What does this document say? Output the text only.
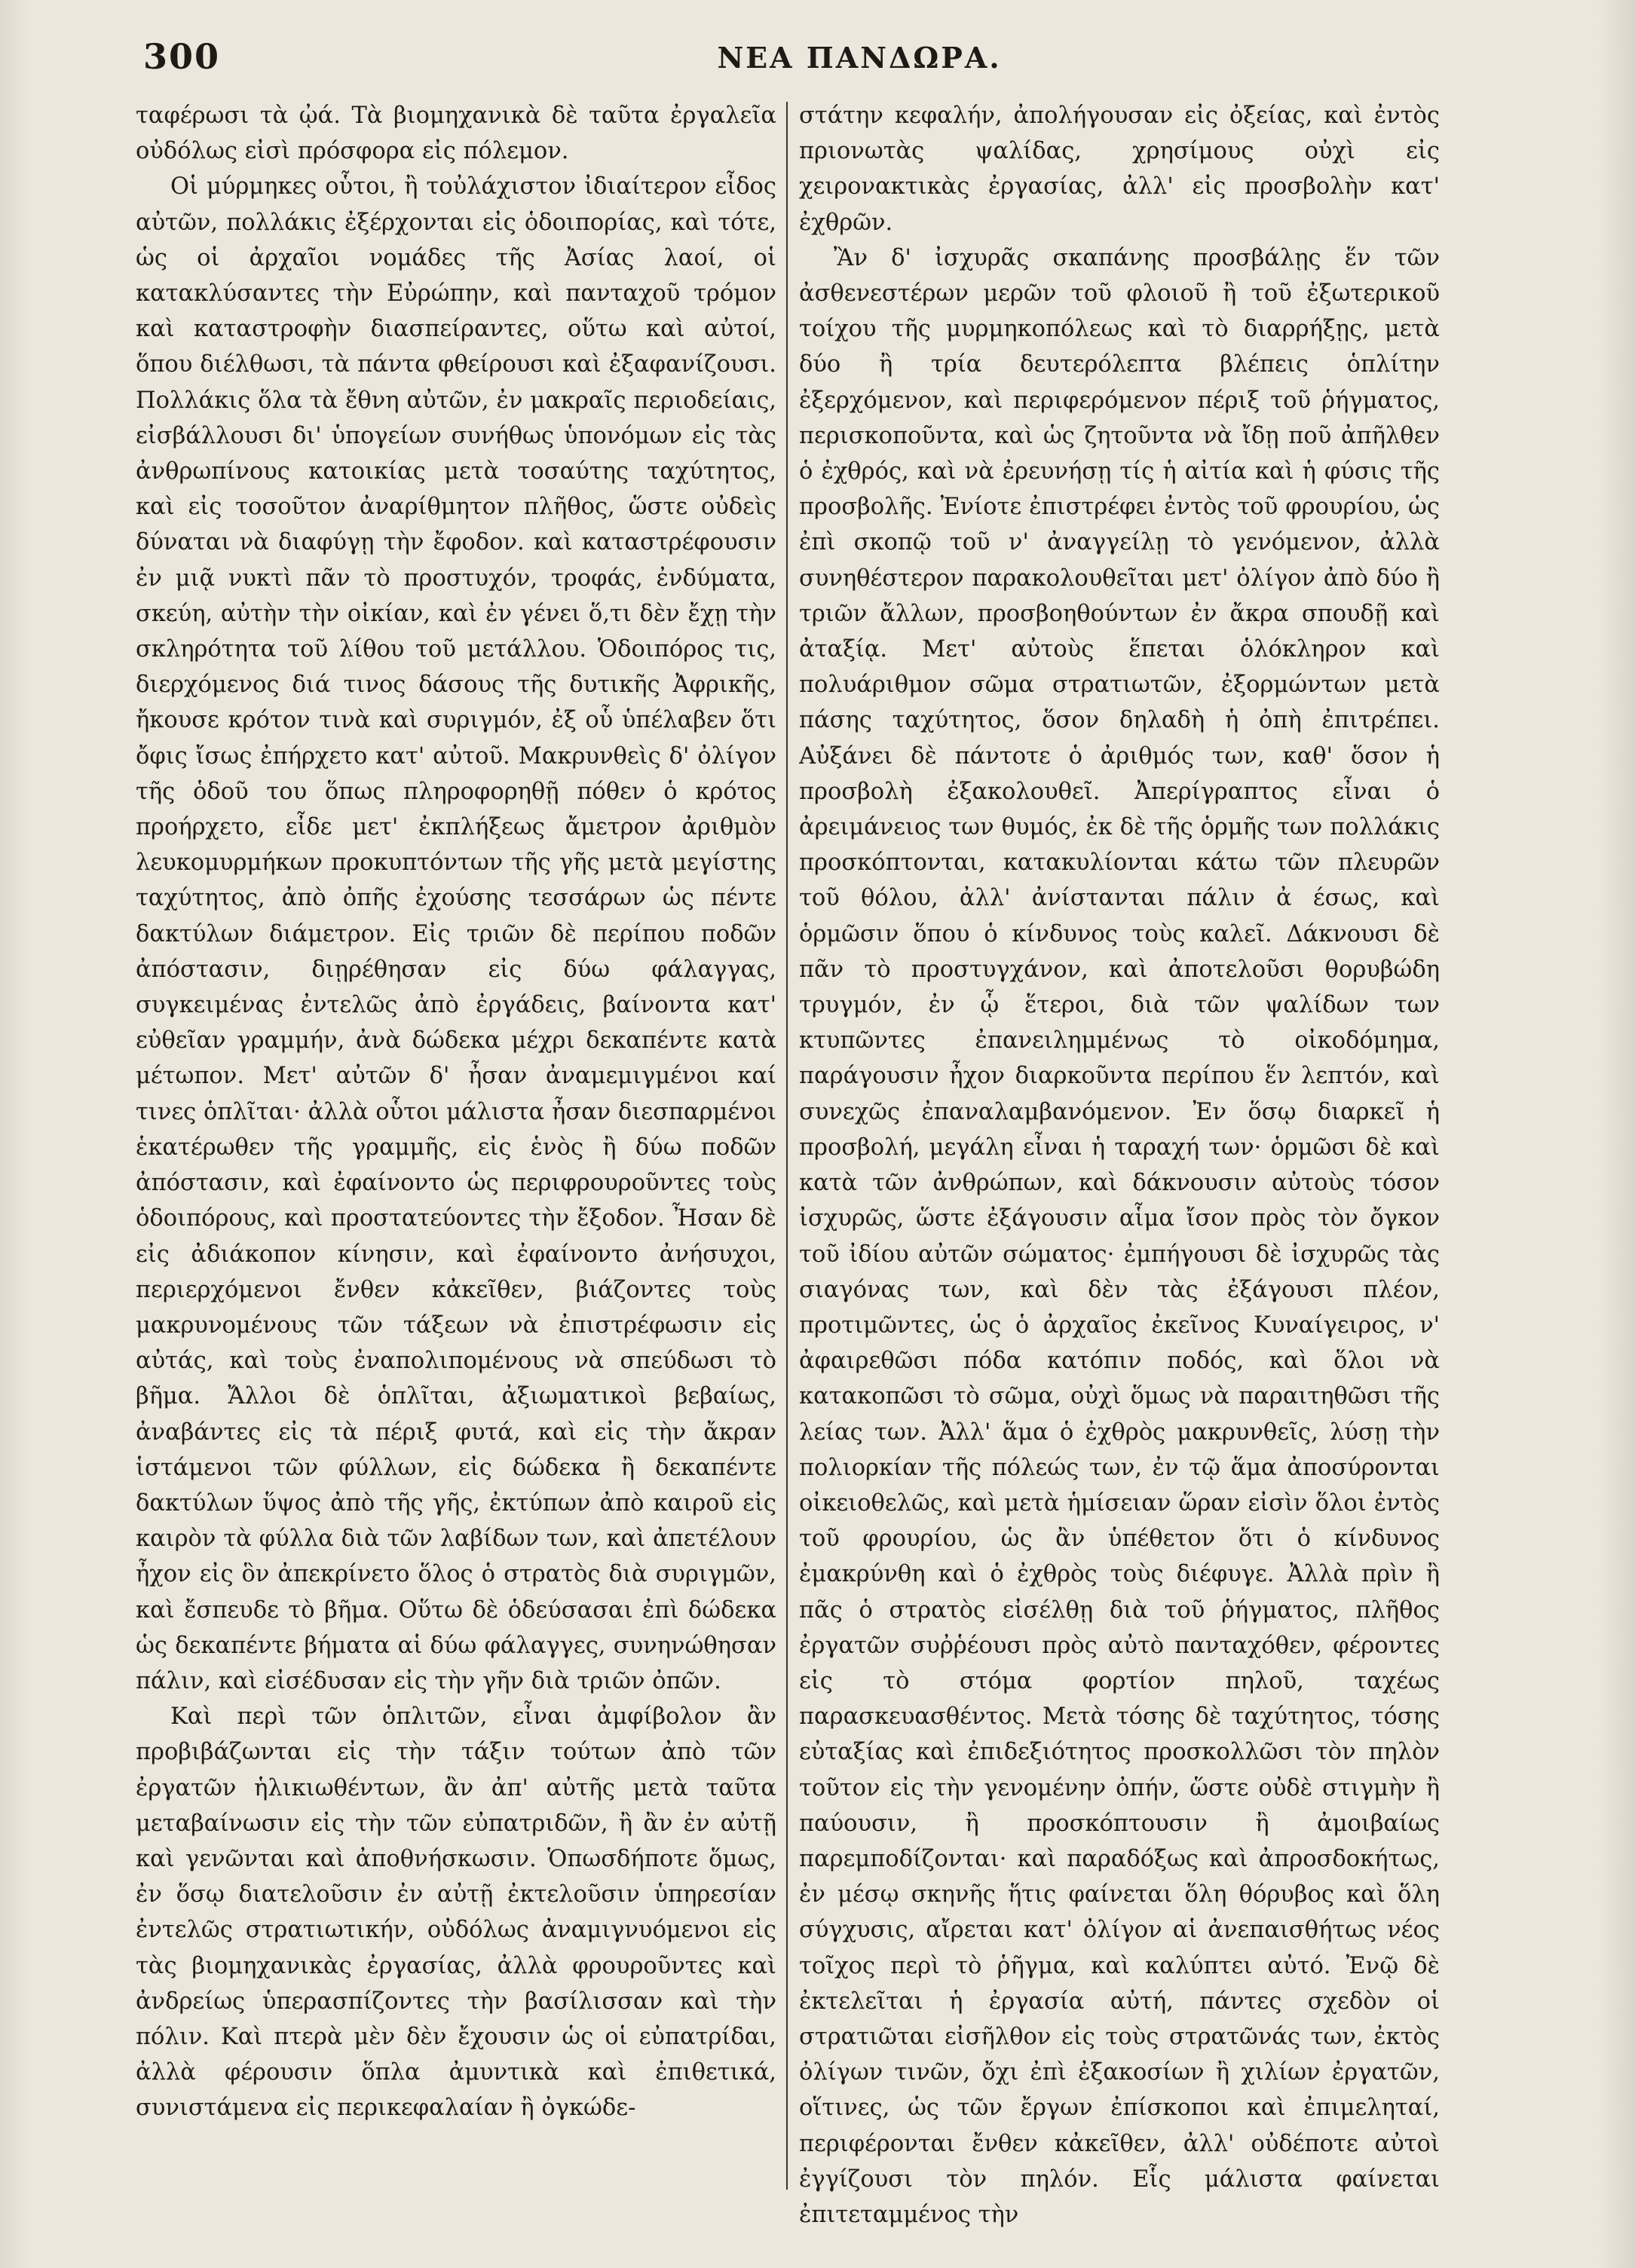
300	ΝΕΑ ΠΑΝΔΩΡΑ.

ταφέρωσι τὰ ᾠά. Τὰ βιομηχανικὰ δὲ ταῦτα ἐργαλεῖα οὐδόλως εἰσὶ πρόσφορα εἰς πόλεμον.

Οἱ μύρμηκες οὗτοι, ἢ τοὐλάχιστον ἰδιαίτερον εἶδος αὐτῶν, πολλάκις ἐξέρχονται εἰς ὁδοιπορίας, καὶ τότε, ὡς οἱ ἀρχαῖοι νομάδες τῆς Ἀσίας λαοί, οἱ κατακλύσαντες τὴν Εὐρώπην, καὶ πανταχοῦ τρόμον καὶ καταστροφὴν διασπείραντες, οὕτω καὶ αὐτοί, ὅπου διέλθωσι, τὰ πάντα φθείρουσι καὶ ἐξαφανίζουσι. Πολλάκις ὅλα τὰ ἔθνη αὐτῶν, ἐν μακραῖς περιοδείαις, εἰσβάλλουσι δι' ὑπογείων συνήθως ὑπονόμων εἰς τὰς ἀνθρωπίνους κατοικίας μετὰ τοσαύτης ταχύτητος, καὶ εἰς τοσοῦτον ἀναρίθμητον πλῆθος, ὥστε οὐδεὶς δύναται νὰ διαφύγῃ τὴν ἔφοδον. καὶ καταστρέφουσιν ἐν μιᾷ νυκτὶ πᾶν τὸ προστυχόν, τροφάς, ἐνδύματα, σκεύη, αὐτὴν τὴν οἰκίαν, καὶ ἐν γένει ὅ,τι δὲν ἔχῃ τὴν σκληρότητα τοῦ λίθου τοῦ μετάλλου. Ὁδοιπόρος τις, διερχόμενος διά τινος δάσους τῆς δυτικῆς Ἀφρικῆς, ἤκουσε κρότον τινὰ καὶ συριγμόν, ἐξ οὗ ὑπέλαβεν ὅτι ὄφις ἴσως ἐπήρχετο κατ' αὐτοῦ. Μακρυνθεὶς δ' ὀλίγον τῆς ὁδοῦ του ὅπως πληροφορηθῇ πόθεν ὁ κρότος προήρχετο, εἶδε μετ' ἐκπλήξεως ἄμετρον ἀριθμὸν λευκομυρμήκων προκυπτόντων τῆς γῆς μετὰ μεγίστης ταχύτητος, ἀπὸ ὀπῆς ἐχούσης τεσσάρων ὡς πέντε δακτύλων διάμετρον. Εἰς τριῶν δὲ περίπου ποδῶν ἀπόστασιν, διῃρέθησαν εἰς δύω φάλαγγας, συγκειμένας ἐντελῶς ἀπὸ ἐργάδεις, βαίνοντα κατ' εὐθεῖαν γραμμήν, ἀνὰ δώδεκα μέχρι δεκαπέντε κατὰ μέτωπον. Μετ' αὐτῶν δ' ἦσαν ἀναμεμιγμένοι καί τινες ὁπλῖται· ἀλλὰ οὗτοι μάλιστα ἦσαν διεσπαρμένοι ἑκατέρωθεν τῆς γραμμῆς, εἰς ἑνὸς ἢ δύω ποδῶν ἀπόστασιν, καὶ ἐφαίνοντο ὡς περιφρουροῦντες τοὺς ὁδοιπόρους, καὶ προστατεύοντες τὴν ἔξοδον. Ἦσαν δὲ εἰς ἀδιάκοπον κίνησιν, καὶ ἐφαίνοντο ἀνήσυχοι, περιερχόμενοι ἔνθεν κἀκεῖθεν, βιάζοντες τοὺς μακρυνομένους τῶν τάξεων νὰ ἐπιστρέφωσιν εἰς αὐτάς, καὶ τοὺς ἐναπολιπομένους νὰ σπεύδωσι τὸ βῆμα. Ἄλλοι δὲ ὁπλῖται, ἀξιωματικοὶ βεβαίως, ἀναβάντες εἰς τὰ πέριξ φυτά, καὶ εἰς τὴν ἄκραν ἱστάμενοι τῶν φύλλων, εἰς δώδεκα ἢ δεκαπέντε δακτύλων ὕψος ἀπὸ τῆς γῆς, ἐκτύπων ἀπὸ καιροῦ εἰς καιρὸν τὰ φύλλα διὰ τῶν λαβίδων των, καὶ ἀπετέλουν ἦχον εἰς ὃν ἀπεκρίνετο ὅλος ὁ στρατὸς διὰ συριγμῶν, καὶ ἔσπευδε τὸ βῆμα. Οὕτω δὲ ὁδεύσασαι ἐπὶ δώδεκα ὡς δεκαπέντε βήματα αἱ δύω φάλαγγες, συνηνώθησαν πάλιν, καὶ εἰσέδυσαν εἰς τὴν γῆν διὰ τριῶν ὀπῶν.

Καὶ περὶ τῶν ὁπλιτῶν, εἶναι ἀμφίβολον ἂν προβιβάζωνται εἰς τὴν τάξιν τούτων ἀπὸ τῶν ἐργατῶν ἡλικιωθέντων, ἂν ἀπ' αὐτῆς μετὰ ταῦτα μεταβαίνωσιν εἰς τὴν τῶν εὐπατριδῶν, ἢ ἂν ἐν αὐτῇ καὶ γενῶνται καὶ ἀποθνήσκωσιν. Ὁπωσδήποτε ὅμως, ἐν ὅσῳ διατελοῦσιν ἐν αὐτῇ ἐκτελοῦσιν ὑπηρεσίαν ἐντελῶς στρατιωτικήν, οὐδόλως ἀναμιγνυόμενοι εἰς τὰς βιομηχανικὰς ἐργασίας, ἀλλὰ φρουροῦντες καὶ ἀνδρείως ὑπερασπίζοντες τὴν βασίλισσαν καὶ τὴν πόλιν. Καὶ πτερὰ μὲν δὲν ἔχουσιν ὡς οἱ εὐπατρίδαι, ἀλλὰ φέρουσιν ὅπλα ἀμυντικὰ καὶ ἐπιθετικά, συνιστάμενα εἰς περικεφαλαίαν ἢ ὀγκώδε-

στάτην κεφαλήν, ἀπολήγουσαν εἰς ὀξείας, καὶ ἐντὸς πριονωτὰς ψαλίδας, χρησίμους οὐχὶ εἰς χειρονακτικὰς ἐργασίας, ἀλλ' εἰς προσβολὴν κατ' ἐχθρῶν.

Ἂν δ' ἰσχυρᾶς σκαπάνης προσβάλῃς ἕν τῶν ἀσθενεστέρων μερῶν τοῦ φλοιοῦ ἢ τοῦ ἐξωτερικοῦ τοίχου τῆς μυρμηκοπόλεως καὶ τὸ διαρρήξῃς, μετὰ δύο ἢ τρία δευτερόλεπτα βλέπεις ὁπλίτην ἐξερχόμενον, καὶ περιφερόμενον πέριξ τοῦ ῥήγματος, περισκοποῦντα, καὶ ὡς ζητοῦντα νὰ ἴδῃ ποῦ ἀπῆλθεν ὁ ἐχθρός, καὶ νὰ ἐρευνήσῃ τίς ἡ αἰτία καὶ ἡ φύσις τῆς προσβολῆς. Ἐνίοτε ἐπιστρέφει ἐντὸς τοῦ φρουρίου, ὡς ἐπὶ σκοπῷ τοῦ ν' ἀναγγείλῃ τὸ γενόμενον, ἀλλὰ συνηθέστερον παρακολουθεῖται μετ' ὀλίγον ἀπὸ δύο ἢ τριῶν ἄλλων, προσβοηθούντων ἐν ἄκρα σπουδῇ καὶ ἀταξίᾳ. Μετ' αὐτοὺς ἕπεται ὁλόκληρον καὶ πολυάριθμον σῶμα στρατιωτῶν, ἐξορμώντων μετὰ πάσης ταχύτητος, ὅσον δηλαδὴ ἡ ὀπὴ ἐπιτρέπει. Αὐξάνει δὲ πάντοτε ὁ ἀριθμός των, καθ' ὅσον ἡ προσβολὴ ἐξακολουθεῖ. Ἀπερίγραπτος εἶναι ὁ ἀρειμάνειος των θυμός, ἐκ δὲ τῆς ὁρμῆς των πολλάκις προσκόπτονται, κατακυλίονται κάτω τῶν πλευρῶν τοῦ θόλου, ἀλλ' ἀνίστανται πάλιν ἀ έσως, καὶ ὁρμῶσιν ὅπου ὁ κίνδυνος τοὺς καλεῖ. Δάκνουσι δὲ πᾶν τὸ προστυγχάνον, καὶ ἀποτελοῦσι θορυβώδη τρυγμόν, ἐν ᾧ ἕτεροι, διὰ τῶν ψαλίδων των κτυπῶντες ἐπανειλημμένως τὸ οἰκοδόμημα, παράγουσιν ἦχον διαρκοῦντα περίπου ἕν λεπτόν, καὶ συνεχῶς ἐπαναλαμβανόμενον. Ἐν ὅσῳ διαρκεῖ ἡ προσβολή, μεγάλη εἶναι ἡ ταραχή των· ὁρμῶσι δὲ καὶ κατὰ τῶν ἀνθρώπων, καὶ δάκνουσιν αὐτοὺς τόσον ἰσχυρῶς, ὥστε ἐξάγουσιν αἷμα ἴσον πρὸς τὸν ὄγκον τοῦ ἰδίου αὐτῶν σώματος· ἐμπήγουσι δὲ ἰσχυρῶς τὰς σιαγόνας των, καὶ δὲν τὰς ἐξάγουσι πλέον, προτιμῶντες, ὡς ὁ ἀρχαῖος ἐκεῖνος Κυναίγειρος, ν' ἀφαιρεθῶσι πόδα κατόπιν ποδός, καὶ ὅλοι νὰ κατακοπῶσι τὸ σῶμα, οὐχὶ ὅμως νὰ παραιτηθῶσι τῆς λείας των. Ἀλλ' ἅμα ὁ ἐχθρὸς μακρυνθεῖς, λύσῃ τὴν πολιορκίαν τῆς πόλεώς των, ἐν τῷ ἅμα ἀποσύρονται οἰκειοθελῶς, καὶ μετὰ ἡμίσειαν ὥραν εἰσὶν ὅλοι ἐντὸς τοῦ φρουρίου, ὡς ἂν ὑπέθετον ὅτι ὁ κίνδυνος ἐμακρύνθη καὶ ὁ ἐχθρὸς τοὺς διέφυγε. Ἀλλὰ πρὶν ἢ πᾶς ὁ στρατὸς εἰσέλθῃ διὰ τοῦ ῥήγματος, πλῆθος ἐργατῶν συῤῥέουσι πρὸς αὐτὸ πανταχόθεν, φέροντες εἰς τὸ στόμα φορτίον πηλοῦ, ταχέως παρασκευασθέντος. Μετὰ τόσης δὲ ταχύτητος, τόσης εὐταξίας καὶ ἐπιδεξιότητος προσκολλῶσι τὸν πηλὸν τοῦτον εἰς τὴν γενομένην ὀπήν, ὥστε οὐδὲ στιγμὴν ἢ παύουσιν, ἢ προσκόπτουσιν ἢ ἀμοιβαίως παρεμποδίζονται· καὶ παραδόξως καὶ ἀπροσδοκήτως, ἐν μέσῳ σκηνῆς ἥτις φαίνεται ὅλη θόρυβος καὶ ὅλη σύγχυσις, αἴρεται κατ' ὀλίγον αἱ ἀνεπαισθήτως νέος τοῖχος περὶ τὸ ῥῆγμα, καὶ καλύπτει αὐτό. Ἐνῷ δὲ ἐκτελεῖται ἡ ἐργασία αὐτή, πάντες σχεδὸν οἱ στρατιῶται εἰσῆλθον εἰς τοὺς στρατῶνάς των, ἐκτὸς ὀλίγων τινῶν, ὄχι ἐπὶ ἐξακοσίων ἢ χιλίων ἐργατῶν, οἵτινες, ὡς τῶν ἔργων ἐπίσκοποι καὶ ἐπιμεληταί, περιφέρονται ἔνθεν κἀκεῖθεν, ἀλλ' οὐδέποτε αὐτοὶ ἐγγίζουσι τὸν πηλόν. Εἷς μάλιστα φαίνεται ἐπιτεταμμένος τὴν
